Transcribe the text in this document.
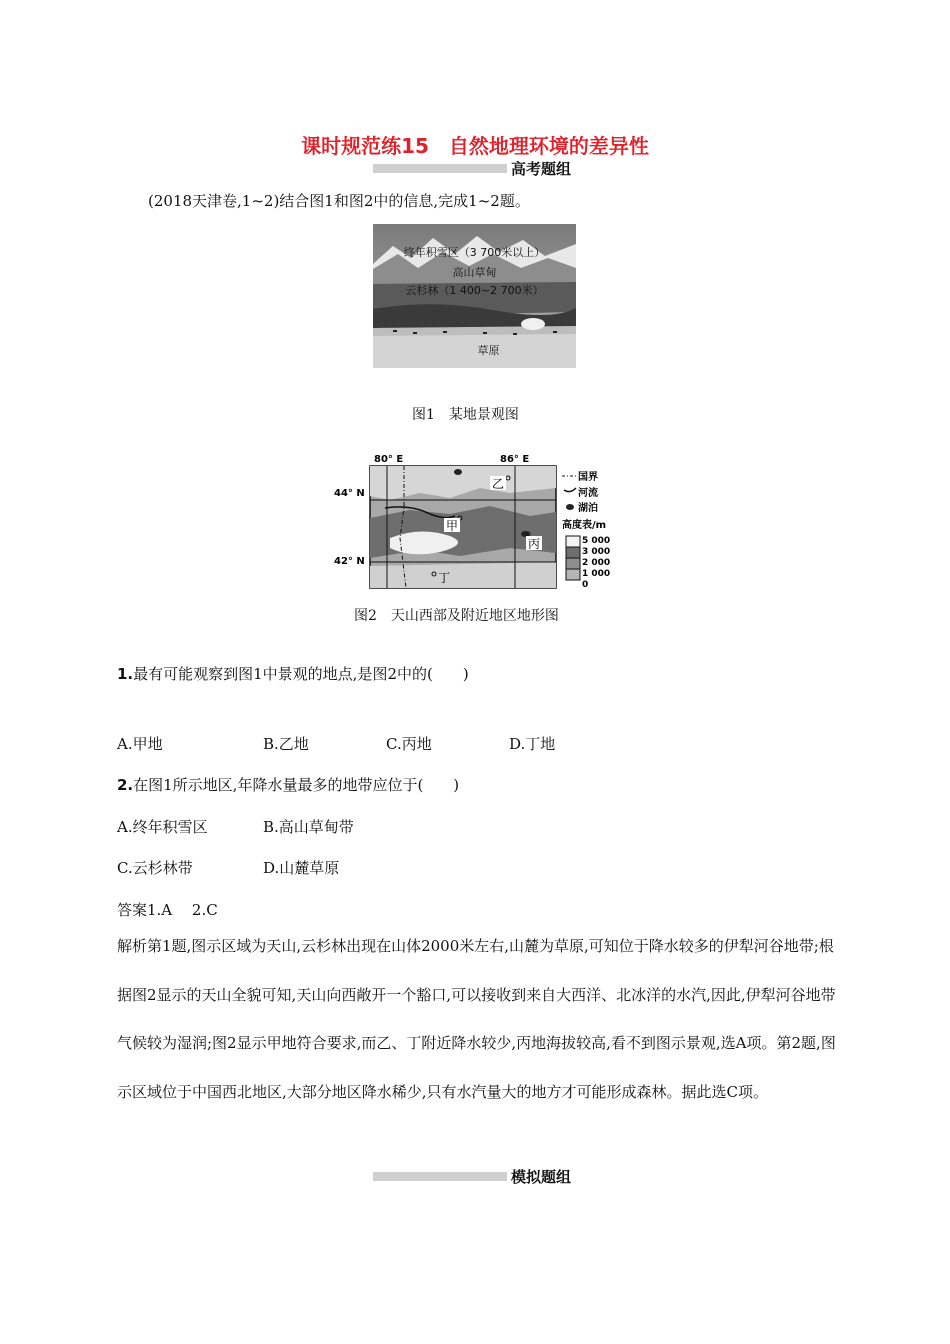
课时规范练15　自然地理环境的差异性
高考题组
(2018天津卷,1~2)结合图1和图2中的信息,完成1~2题。
终年积雪区（3 700米以上）
高山草甸
云杉林（1 400~2 700米）
草原
图1　某地景观图
80° E	86° E
44° N
42° N
甲
乙
丙
丁
国界
河流
湖泊
高度表/m
5 000
3 000
2 000
1 000
0
图2　天山西部及附近地区地形图
1.最有可能观察到图1中景观的地点,是图2中的(　　)
A.甲地	B.乙地	C.丙地	D.丁地
2.在图1所示地区,年降水量最多的地带应位于(　　)
A.终年积雪区	B.高山草甸带
C.云杉林带	D.山麓草原
答案1.A　 2.C
解析第1题,图示区域为天山,云杉林出现在山体2000米左右,山麓为草原,可知位于降水较多的伊犁河谷地带;根据图2显示的天山全貌可知,天山向西敞开一个豁口,可以接收到来自大西洋、北冰洋的水汽,因此,伊犁河谷地带气候较为湿润;图2显示甲地符合要求,而乙、丁附近降水较少,丙地海拔较高,看不到图示景观,选A项。第2题,图示区域位于中国西北地区,大部分地区降水稀少,只有水汽量大的地方才可能形成森林。据此选C项。
模拟题组
